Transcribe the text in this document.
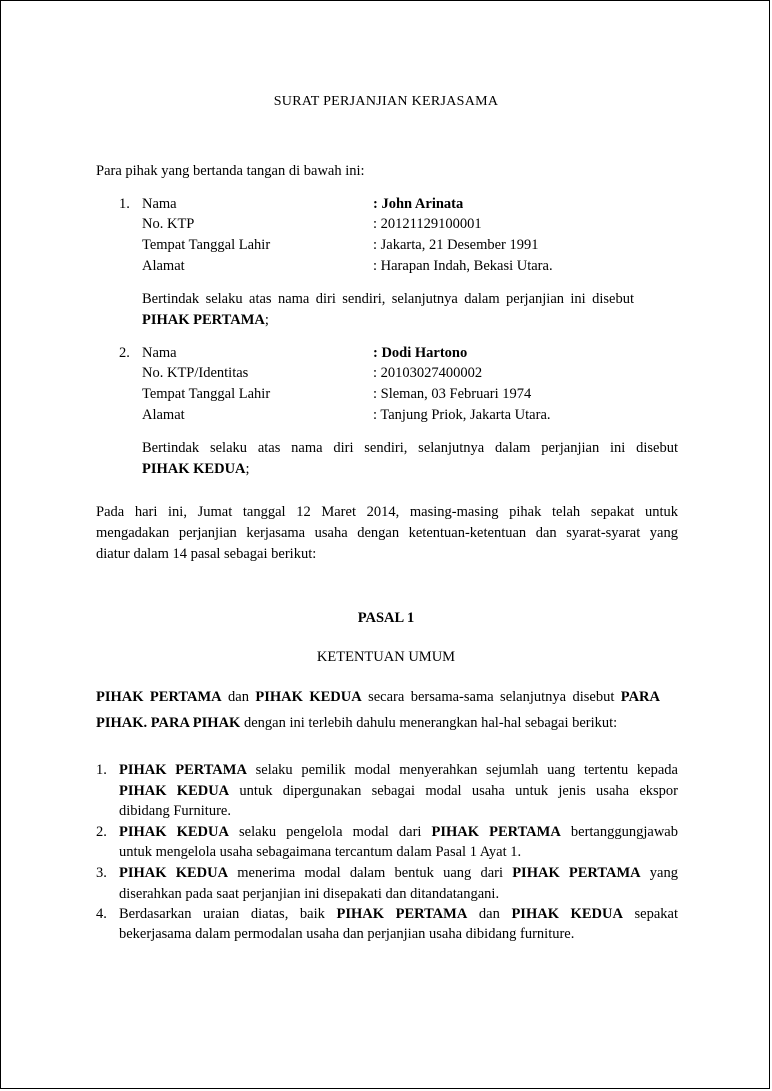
SURAT PERJANJIAN KERJASAMA
Para pihak yang bertanda tangan di bawah ini:
1. Nama	: John Arinata
No. KTP	: 20121129100001
Tempat Tanggal Lahir	: Jakarta, 21 Desember 1991
Alamat	: Harapan Indah, Bekasi Utara.
Bertindak selaku atas nama diri sendiri, selanjutnya dalam perjanjian ini disebut
PIHAK PERTAMA;
2. Nama	: Dodi Hartono
No. KTP/Identitas	: 20103027400002
Tempat Tanggal Lahir	: Sleman, 03 Februari 1974
Alamat	: Tanjung Priok, Jakarta Utara.
Bertindak selaku atas nama diri sendiri, selanjutnya dalam perjanjian ini disebut
PIHAK KEDUA;
Pada hari ini, Jumat tanggal 12 Maret 2014, masing-masing pihak telah sepakat untuk
mengadakan perjanjian kerjasama usaha dengan ketentuan-ketentuan dan syarat-syarat yang
diatur dalam 14 pasal sebagai berikut:
PASAL 1
KETENTUAN UMUM
PIHAK PERTAMA dan PIHAK KEDUA secara bersama-sama selanjutnya disebut PARA
PIHAK. PARA PIHAK dengan ini terlebih dahulu menerangkan hal-hal sebagai berikut:
1. PIHAK PERTAMA selaku pemilik modal menyerahkan sejumlah uang tertentu kepada
PIHAK KEDUA untuk dipergunakan sebagai modal usaha untuk jenis usaha ekspor
dibidang Furniture.
2. PIHAK KEDUA selaku pengelola modal dari PIHAK PERTAMA bertanggungjawab
untuk mengelola usaha sebagaimana tercantum dalam Pasal 1 Ayat 1.
3. PIHAK KEDUA menerima modal dalam bentuk uang dari PIHAK PERTAMA yang
diserahkan pada saat perjanjian ini disepakati dan ditandatangani.
4. Berdasarkan uraian diatas, baik PIHAK PERTAMA dan PIHAK KEDUA sepakat
bekerjasama dalam permodalan usaha dan perjanjian usaha dibidang furniture.
